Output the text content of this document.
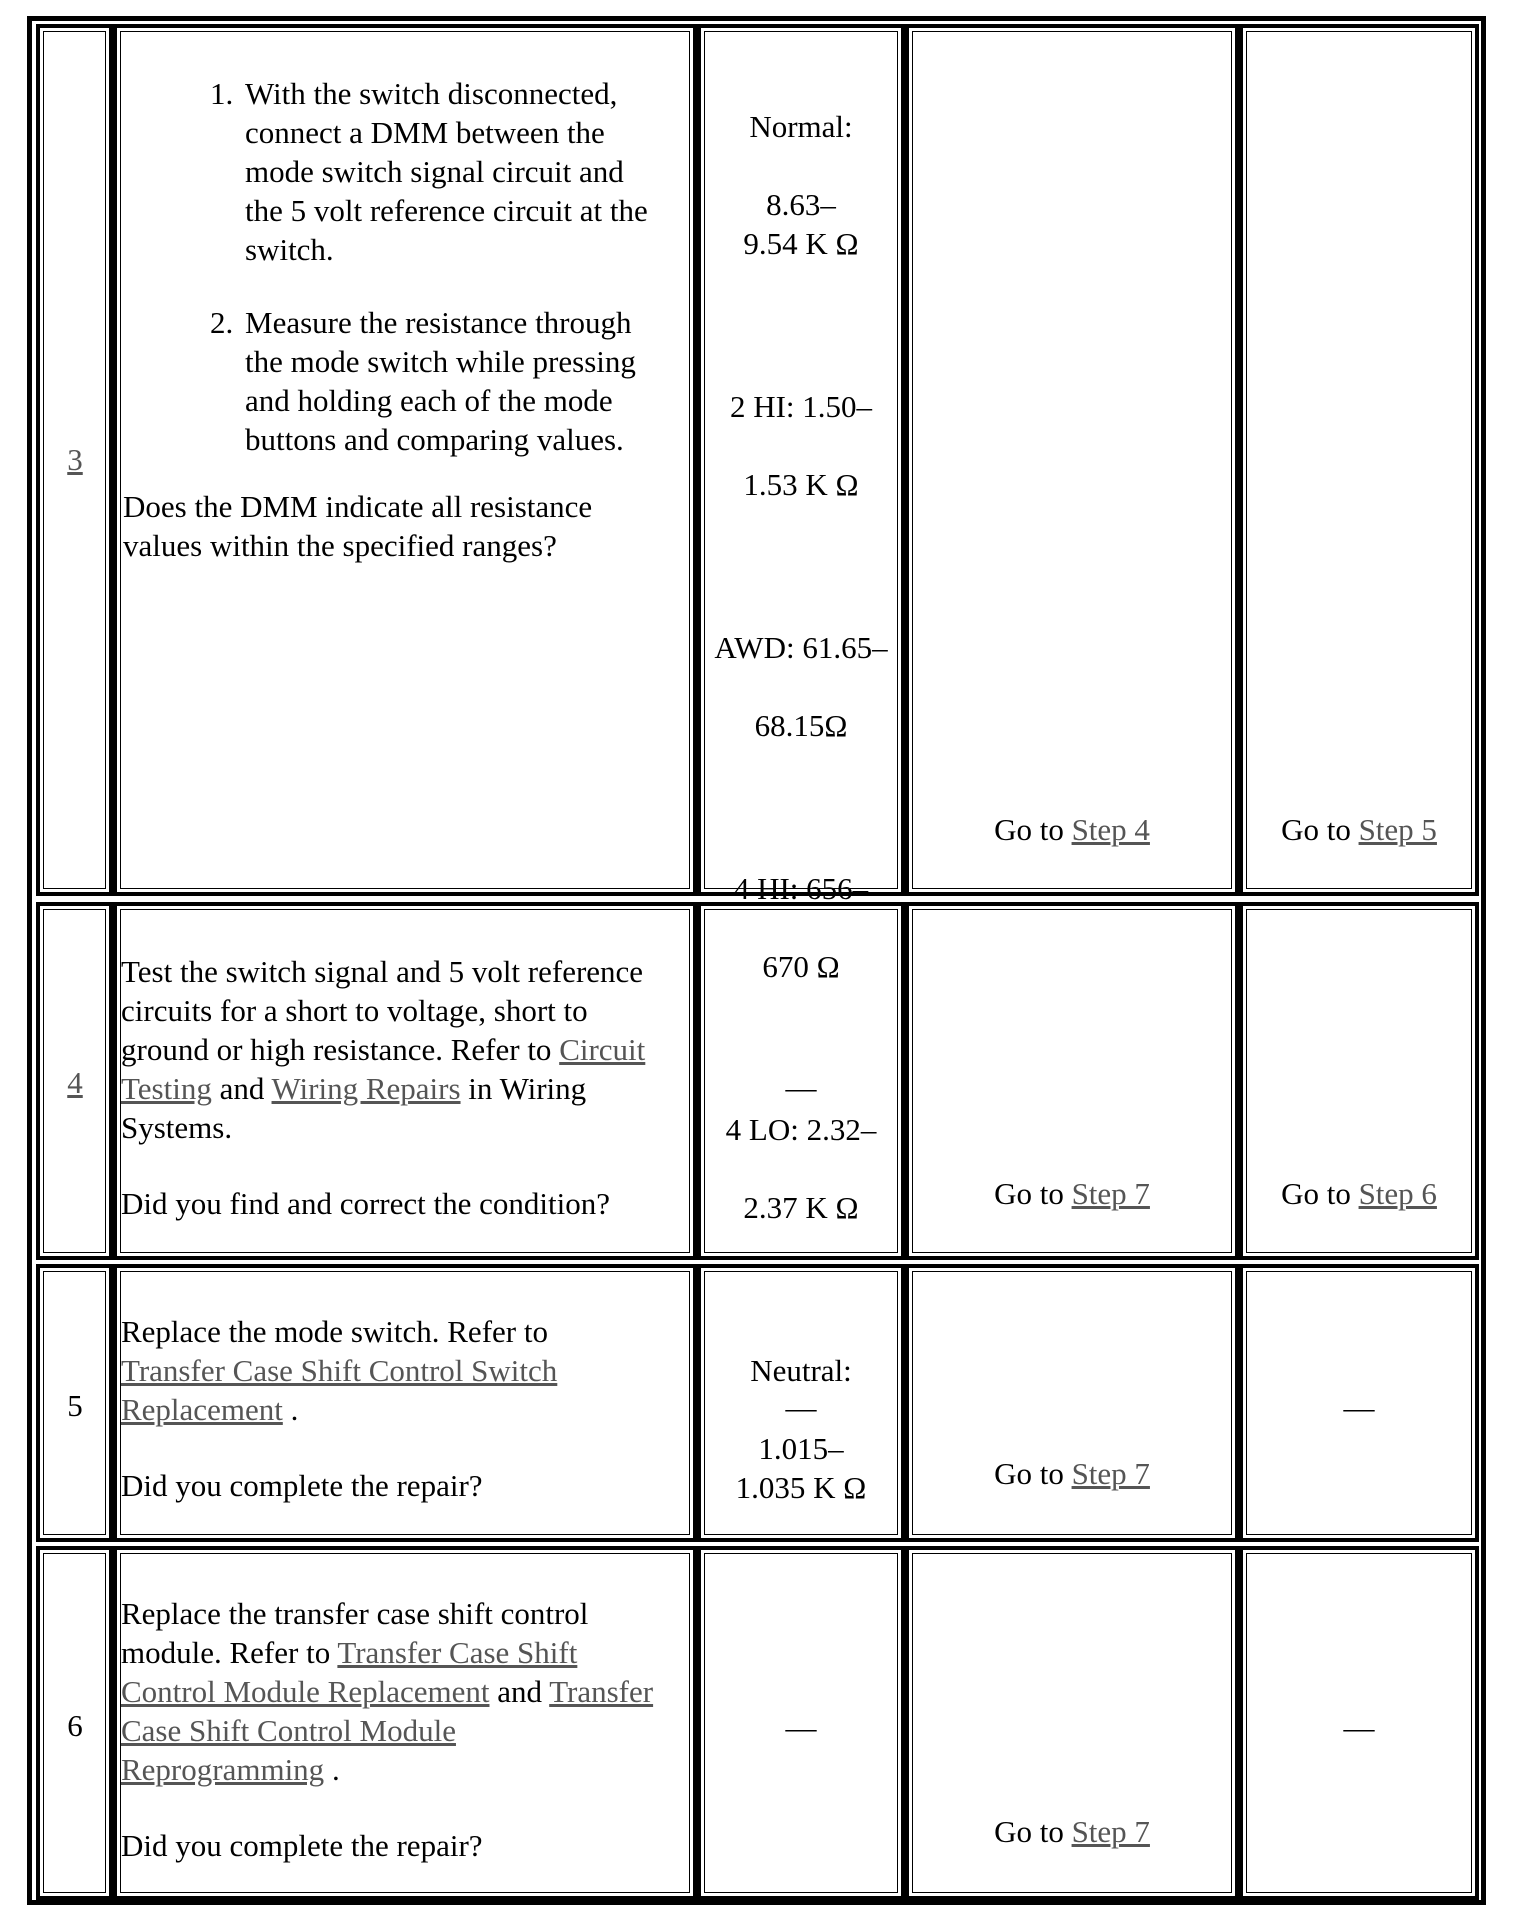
3
1. With the switch disconnected, connect a DMM between the mode switch signal circuit and the 5 volt reference circuit at the switch.
2. Measure the resistance through the mode switch while pressing and holding each of the mode buttons and comparing values.

Does the DMM indicate all resistance values within the specified ranges?

Normal:

8.63–
9.54 K Ω

2 HI: 1.50–

1.53 K Ω

AWD: 61.65–

68.15Ω

4 HI: 656–

670 Ω

4 LO: 2.32–

2.37 K Ω

Neutral:

1.015–
1.035 K Ω

Go to Step 4	Go to Step 5
4

Test the switch signal and 5 volt reference circuits for a short to voltage, short to ground or high resistance. Refer to Circuit Testing and Wiring Repairs in Wiring Systems.

Did you find and correct the condition?

—
Go to Step 7	Go to Step 6
5

Replace the mode switch. Refer to Transfer Case Shift Control Switch Replacement .

Did you complete the repair?

—
Go to Step 7
—
6

Replace the transfer case shift control module. Refer to Transfer Case Shift Control Module Replacement and Transfer Case Shift Control Module Reprogramming .

Did you complete the repair?

—
Go to Step 7
—
